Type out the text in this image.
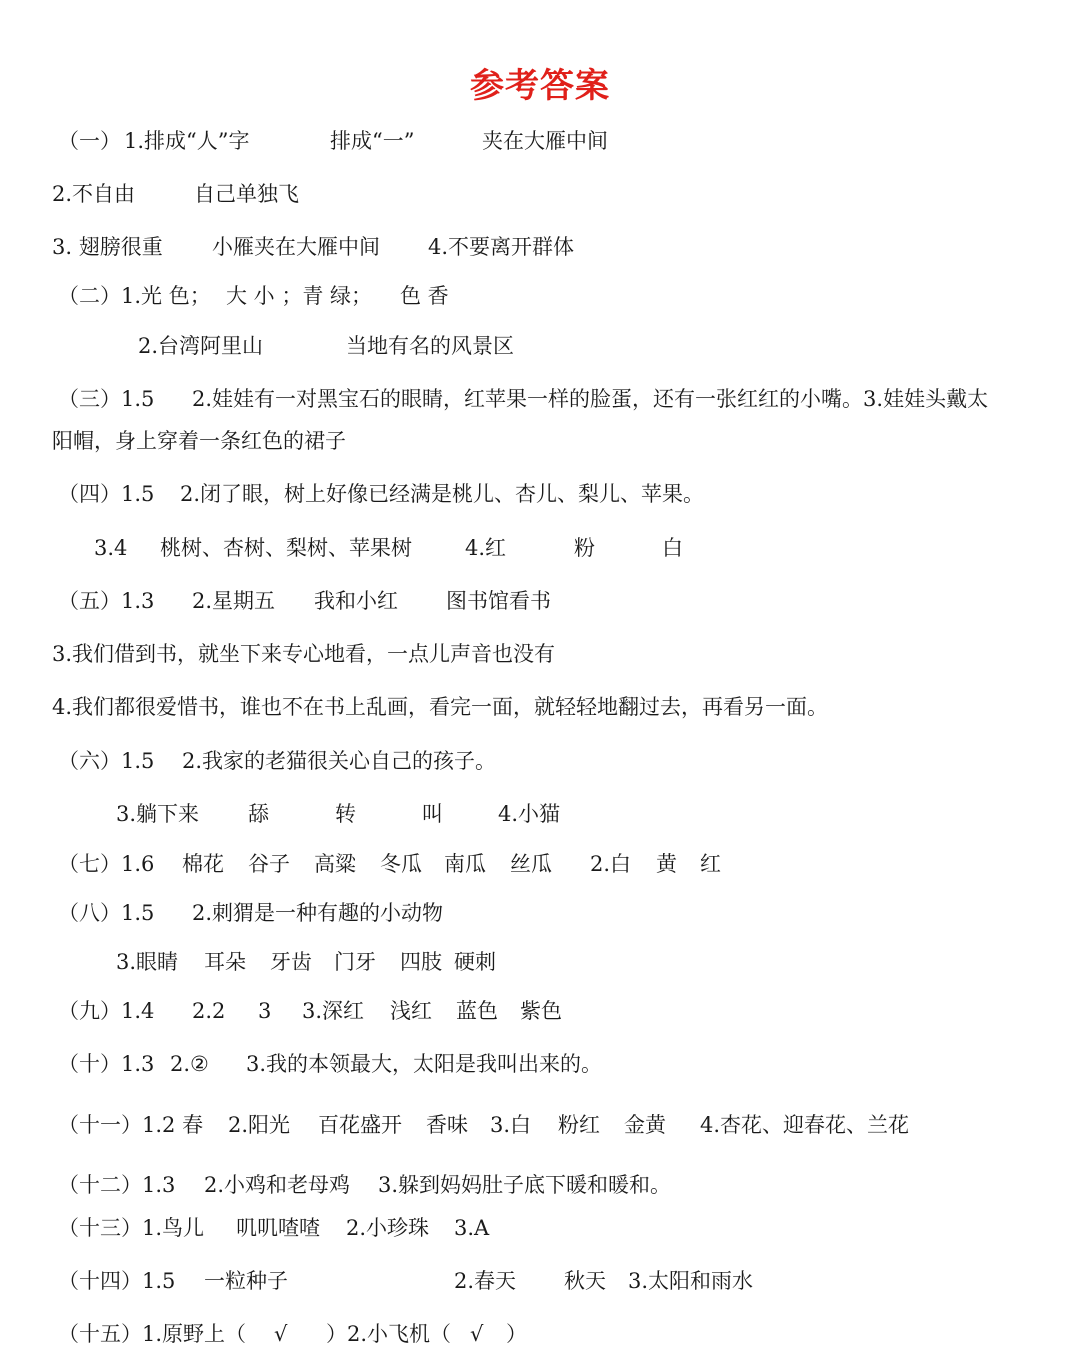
参考答案
（一） 1.排成“人”字	排成“一”	夹在大雁中间
2.不自由	自己单独飞
3. 翅膀很重 小雁夹在大雁中间 4.不要离开群体
（二）1.光 色； 大 小 ；青 绿； 色 香
2.台湾阿里山	当地有名的风景区
（三）1.5 2.娃娃有一对黑宝石的眼睛，红苹果一样的脸蛋，还有一张红红的小嘴。3.娃娃头戴太
阳帽，身上穿着一条红色的裙子
（四）1.5 2.闭了眼，树上好像已经满是桃儿、杏儿、梨儿、苹果。
3.4 桃树、杏树、梨树、苹果树	4.红	粉	白
（五）1.3 2.星期五 我和小红 图书馆看书
3.我们借到书，就坐下来专心地看，一点儿声音也没有
4.我们都很爱惜书，谁也不在书上乱画，看完一面，就轻轻地翻过去，再看另一面。
（六）1.5 2.我家的老猫很关心自己的孩子。
3.躺下来 舔	转	叫	4.小猫
（七）1.6 棉花 谷子 高粱 冬瓜 南瓜 丝瓜 2.白 黄 红
（八）1.5 2.刺猬是一种有趣的小动物
3.眼睛 耳朵 牙齿 门牙 四肢 硬刺
（九）1.4 2.2 3 3.深红 浅红 蓝色 紫色
（十）1.3 2.② 3.我的本领最大，太阳是我叫出来的。
（十一）1.2 春 2.阳光 百花盛开 香味 3.白 粉红 金黄 4.杏花、迎春花、兰花
（十二）1.3 2.小鸡和老母鸡 3.躲到妈妈肚子底下暖和暖和。
（十三）1.鸟儿 叽叽喳喳 2.小珍珠 3.A
（十四）1.5 一粒种子	2.春天 秋天 3.太阳和雨水
（十五）1.原野上（ √ ）2.小飞机（ √ ）
